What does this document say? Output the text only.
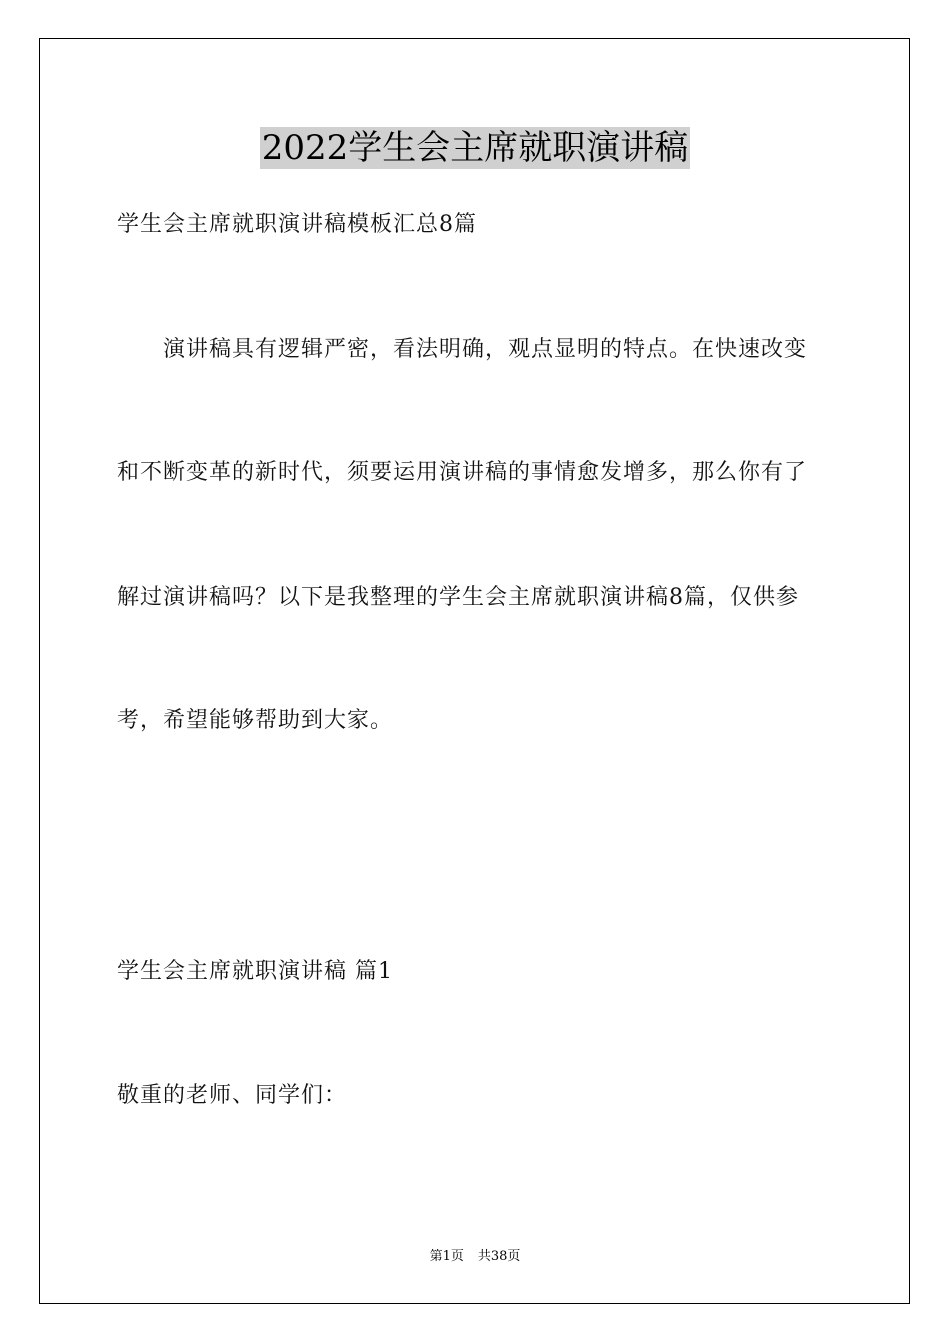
2022学生会主席就职演讲稿
学生会主席就职演讲稿模板汇总8篇
　　演讲稿具有逻辑严密，看法明确，观点显明的特点。在快速改变
和不断变革的新时代，须要运用演讲稿的事情愈发增多，那么你有了
解过演讲稿吗？以下是我整理的学生会主席就职演讲稿8篇，仅供参
考，希望能够帮助到大家。
学生会主席就职演讲稿 篇1
敬重的老师、同学们：
第1页 共38页
